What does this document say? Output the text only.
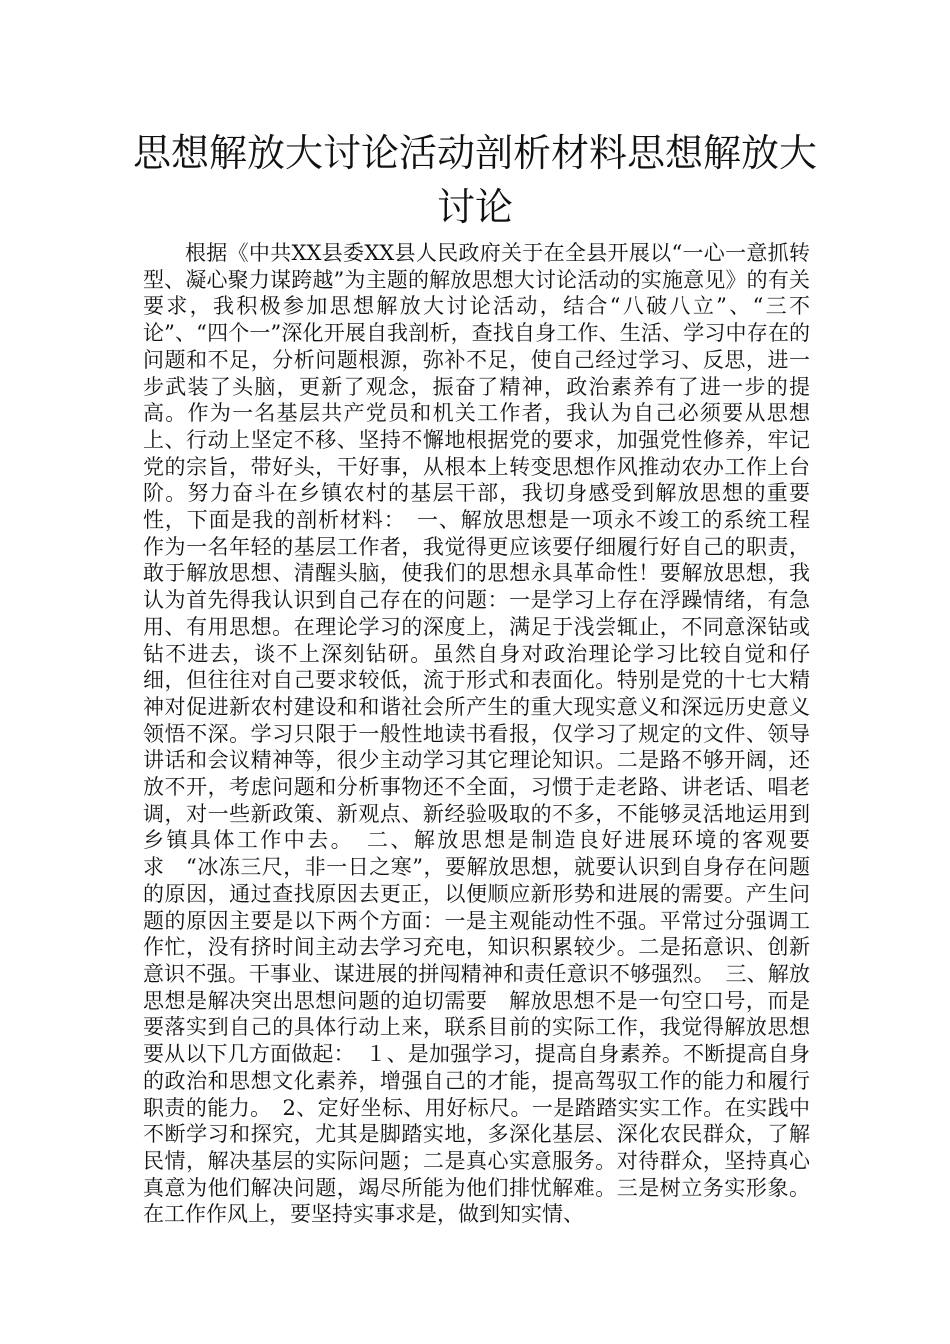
思想解放大讨论活动剖析材料思想解放大讨论

根据《中共XX县委XX县人民政府关于在全县开展以“一心一意抓转型、凝心聚力谋跨越”为主题的解放思想大讨论活动的实施意见》的有关要求，我积极参加思想解放大讨论活动，结合“八破八立”、“三不论”、“四个一”深化开展自我剖析，查找自身工作、生活、学习中存在的问题和不足，分析问题根源，弥补不足，使自己经过学习、反思，进一步武装了头脑，更新了观念，振奋了精神，政治素养有了进一步的提高。作为一名基层共产党员和机关工作者，我认为自己必须要从思想上、行动上坚定不移、坚持不懈地根据党的要求，加强党性修养，牢记党的宗旨，带好头，干好事，从根本上转变思想作风推动农办工作上台阶。努力奋斗在乡镇农村的基层干部，我切身感受到解放思想的重要性，下面是我的剖析材料：　一、解放思想是一项永不竣工的系统工程　作为一名年轻的基层工作者，我觉得更应该要仔细履行好自己的职责，敢于解放思想、清醒头脑，使我们的思想永具革命性！要解放思想，我认为首先得我认识到自己存在的问题：一是学习上存在浮躁情绪，有急用、有用思想。在理论学习的深度上，满足于浅尝辄止，不同意深钻或钻不进去，谈不上深刻钻研。虽然自身对政治理论学习比较自觉和仔细，但往往对自己要求较低，流于形式和表面化。特别是党的十七大精神对促进新农村建设和和谐社会所产生的重大现实意义和深远历史意义领悟不深。学习只限于一般性地读书看报，仅学习了规定的文件、领导讲话和会议精神等，很少主动学习其它理论知识。二是路不够开阔，还放不开，考虑问题和分析事物还不全面，习惯于走老路、讲老话、唱老调，对一些新政策、新观点、新经验吸取的不多，不能够灵活地运用到乡镇具体工作中去。　二、解放思想是制造良好进展环境的客观要求　“冰冻三尺，非一日之寒”，要解放思想，就要认识到自身存在问题的原因，通过查找原因去更正，以便顺应新形势和进展的需要。产生问题的原因主要是以下两个方面：一是主观能动性不强。平常过分强调工作忙，没有挤时间主动去学习充电，知识积累较少。二是拓意识、创新意识不强。干事业、谋进展的拼闯精神和责任意识不够强烈。　三、解放思想是解决突出思想问题的迫切需要　解放思想不是一句空口号，而是要落实到自己的具体行动上来，联系目前的实际工作，我觉得解放思想要从以下几方面做起：　１、是加强学习，提高自身素养。不断提高自身的政治和思想文化素养，增强自己的才能，提高驾驭工作的能力和履行职责的能力。　2、定好坐标、用好标尺。一是踏踏实实工作。在实践中不断学习和探究，尤其是脚踏实地，多深化基层、深化农民群众，了解民情，解决基层的实际问题；二是真心实意服务。对待群众，坚持真心真意为他们解决问题，竭尽所能为他们排忧解难。三是树立务实形象。在工作作风上，要坚持实事求是，做到知实情、
